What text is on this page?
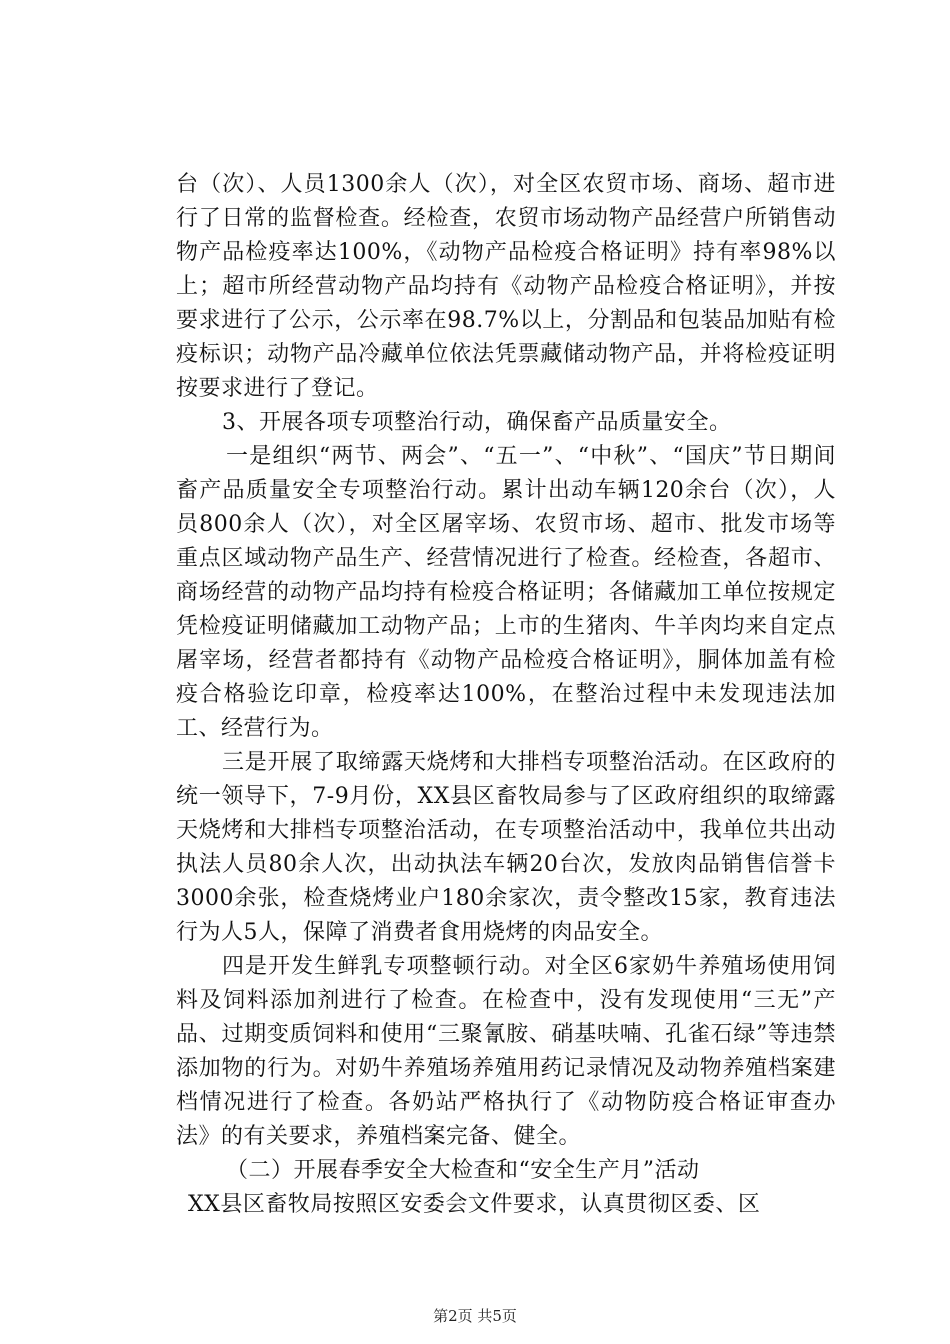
台（次）、人员1300余人（次），对全区农贸市场、商场、超市进行了日常的监督检查。经检查，农贸市场动物产品经营户所销售动物产品检疫率达100%，《动物产品检疫合格证明》持有率98%以上；超市所经营动物产品均持有《动物产品检疫合格证明》，并按要求进行了公示，公示率在98.7%以上，分割品和包装品加贴有检疫标识；动物产品冷藏单位依法凭票藏储动物产品，并将检疫证明按要求进行了登记。

3、开展各项专项整治行动，确保畜产品质量安全。

一是组织“两节、两会”、“五一”、“中秋”、“国庆”节日期间畜产品质量安全专项整治行动。累计出动车辆120余台（次），人员800余人（次），对全区屠宰场、农贸市场、超市、批发市场等重点区域动物产品生产、经营情况进行了检查。经检查，各超市、商场经营的动物产品均持有检疫合格证明；各储藏加工单位按规定凭检疫证明储藏加工动物产品；上市的生猪肉、牛羊肉均来自定点屠宰场，经营者都持有《动物产品检疫合格证明》，胴体加盖有检疫合格验讫印章，检疫率达100%，在整治过程中未发现违法加工、经营行为。

三是开展了取缔露天烧烤和大排档专项整治活动。在区政府的统一领导下，7-9月份，XX县区畜牧局参与了区政府组织的取缔露天烧烤和大排档专项整治活动，在专项整治活动中，我单位共出动执法人员80余人次，出动执法车辆20台次，发放肉品销售信誉卡3000余张，检查烧烤业户180余家次，责令整改15家，教育违法行为人5人，保障了消费者食用烧烤的肉品安全。

四是开发生鲜乳专项整顿行动。对全区6家奶牛养殖场使用饲料及饲料添加剂进行了检查。在检查中，没有发现使用“三无”产品、过期变质饲料和使用“三聚氰胺、硝基呋喃、孔雀石绿”等违禁添加物的行为。对奶牛养殖场养殖用药记录情况及动物养殖档案建档情况进行了检查。各奶站严格执行了《动物防疫合格证审查办法》的有关要求，养殖档案完备、健全。

（二）开展春季安全大检查和“安全生产月”活动

XX县区畜牧局按照区安委会文件要求，认真贯彻区委、区

第2页 共5页
